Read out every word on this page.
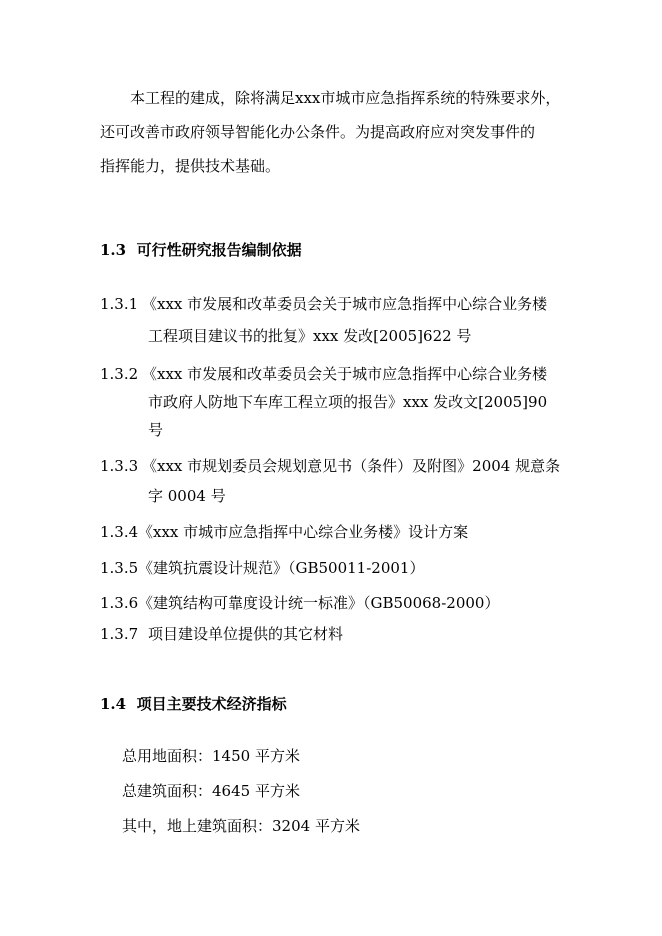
本工程的建成，除将满足xxx市城市应急指挥系统的特殊要求外，
还可改善市政府领导智能化办公条件。为提高政府应对突发事件的
指挥能力，提供技术基础。
1.3 可行性研究报告编制依据
1.3.1 《xxx 市发展和改革委员会关于城市应急指挥中心综合业务楼
工程项目建议书的批复》xxx 发改[2005]622 号
1.3.2 《xxx 市发展和改革委员会关于城市应急指挥中心综合业务楼
市政府人防地下车库工程立项的报告》xxx 发改文[2005]90
号
1.3.3 《xxx 市规划委员会规划意见书（条件）及附图》2004 规意条
字 0004 号
1.3.4 《xxx 市城市应急指挥中心综合业务楼》设计方案
1.3.5 《建筑抗震设计规范》（GB50011-2001）
1.3.6 《建筑结构可靠度设计统一标准》（GB50068-2000）
1.3.7 项目建设单位提供的其它材料
1.4 项目主要技术经济指标
总用地面积：1450 平方米
总建筑面积：4645 平方米
其中，地上建筑面积：3204 平方米
